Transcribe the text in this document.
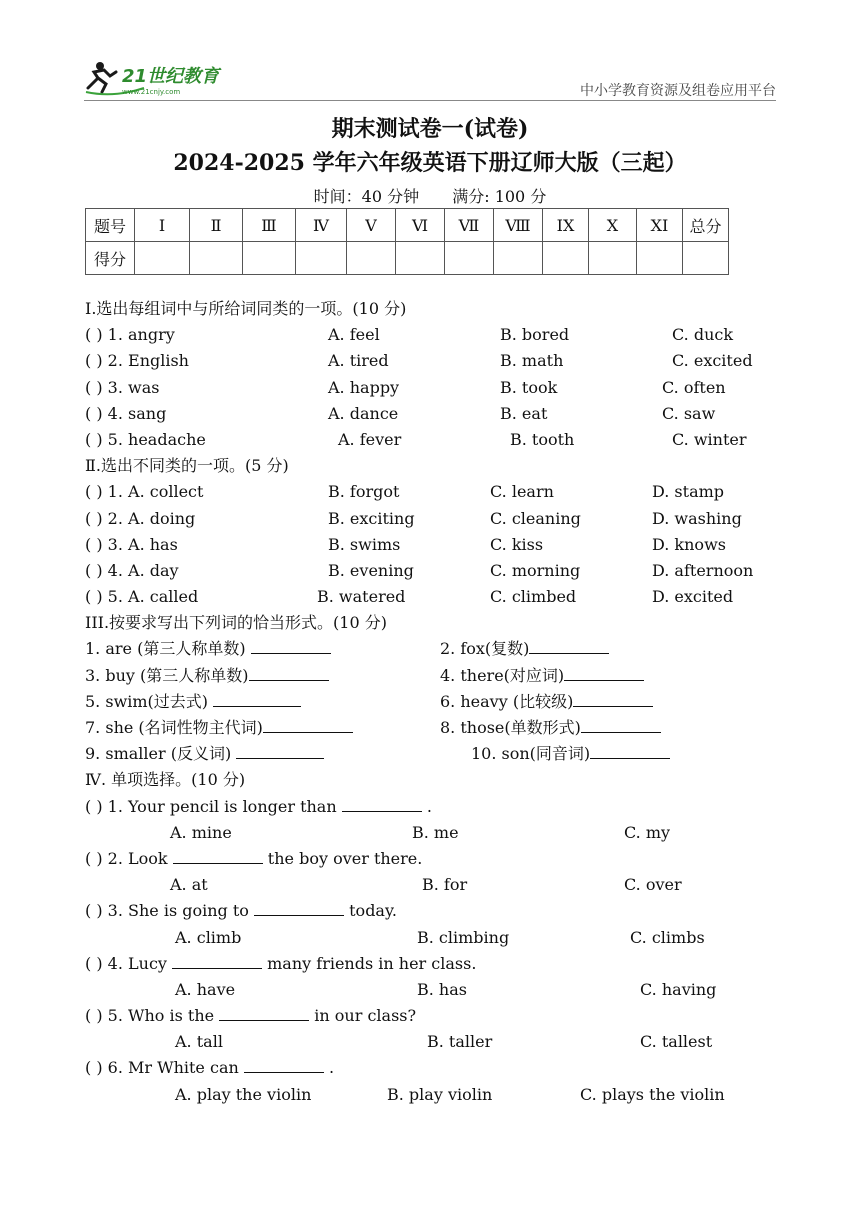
21世纪教育
www.21cnjy.com	中小学教育资源及组卷应用平台
期末测试卷一(试卷)
2024-2025 学年六年级英语下册辽师大版（三起）
时间：40 分钟 满分: 100 分
题号	I	Ⅱ	Ⅲ	Ⅳ	Ⅴ	Ⅵ	Ⅶ	Ⅷ	IX	X	XI	总分
得分												
Ⅰ.选出每组词中与所给词同类的一项。(10 分)
( ) 1. angry	A. feel	B. bored	C. duck
( ) 2. English	A. tired	B. math	C. excited
( ) 3. was	A. happy	B. took	C. often
( ) 4. sang	A. dance	B. eat	C. saw
( ) 5. headache	A. fever	B. tooth	C. winter
Ⅱ.选出不同类的一项。(5 分)
( ) 1. A. collect	B. forgot	C. learn	D. stamp
( ) 2. A. doing	B. exciting	C. cleaning	D. washing
( ) 3. A. has	B. swims	C. kiss	D. knows
( ) 4. A. day	B. evening	C. morning	D. afternoon
( ) 5. A. called	B. watered	C. climbed	D. excited
III.按要求写出下列词的恰当形式。(10 分)
1. are (第三人称单数)	2. fox(复数)
3. buy (第三人称单数)	4. there(对应词)
5. swim(过去式)	6. heavy (比较级)
7. she (名词性物主代词)	8. those(单数形式)
9. smaller (反义词)	10. son(同音词)
Ⅳ. 单项选择。(10 分)
( ) 1. Your pencil is longer than	.
A. mine	B. me	C. my
( ) 2. Look	the boy over there.
A. at	B. for	C. over
( ) 3. She is going to	today.
A. climb	B. climbing	C. climbs
( ) 4. Lucy	many friends in her class.
A. have	B. has	C. having
( ) 5. Who is the	in our class?
A. tall	B. taller	C. tallest
( ) 6. Mr White can	.
A. play the violin	B. play violin	C. plays the violin
